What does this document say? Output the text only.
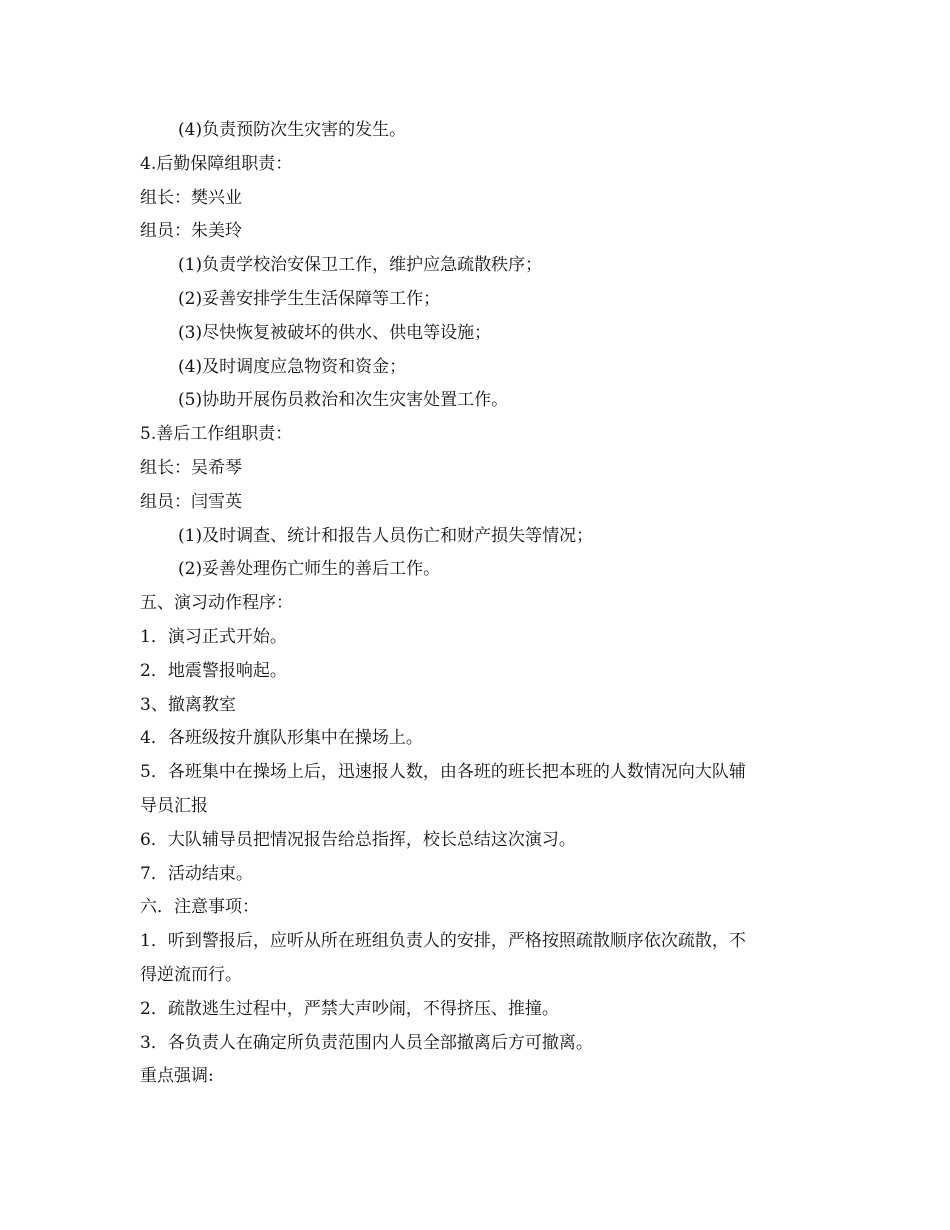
(4)负责预防次生灾害的发生。
4.后勤保障组职责：
组长：樊兴业
组员：朱美玲
(1)负责学校治安保卫工作，维护应急疏散秩序；
(2)妥善安排学生生活保障等工作；
(3)尽快恢复被破坏的供水、供电等设施；
(4)及时调度应急物资和资金；
(5)协助开展伤员救治和次生灾害处置工作。
5.善后工作组职责：
组长：吴希琴
组员：闫雪英
(1)及时调查、统计和报告人员伤亡和财产损失等情况；
(2)妥善处理伤亡师生的善后工作。
五、演习动作程序：
1．演习正式开始。
2．地震警报响起。
3、撤离教室
4．各班级按升旗队形集中在操场上。
5．各班集中在操场上后，迅速报人数，由各班的班长把本班的人数情况向大队辅
导员汇报
6．大队辅导员把情况报告给总指挥，校长总结这次演习。
7．活动结束。
六．注意事项：
1．听到警报后，应听从所在班组负责人的安排，严格按照疏散顺序依次疏散，不
得逆流而行。
2．疏散逃生过程中，严禁大声吵闹，不得挤压、推撞。
3．各负责人在确定所负责范围内人员全部撤离后方可撤离。
重点强调:
